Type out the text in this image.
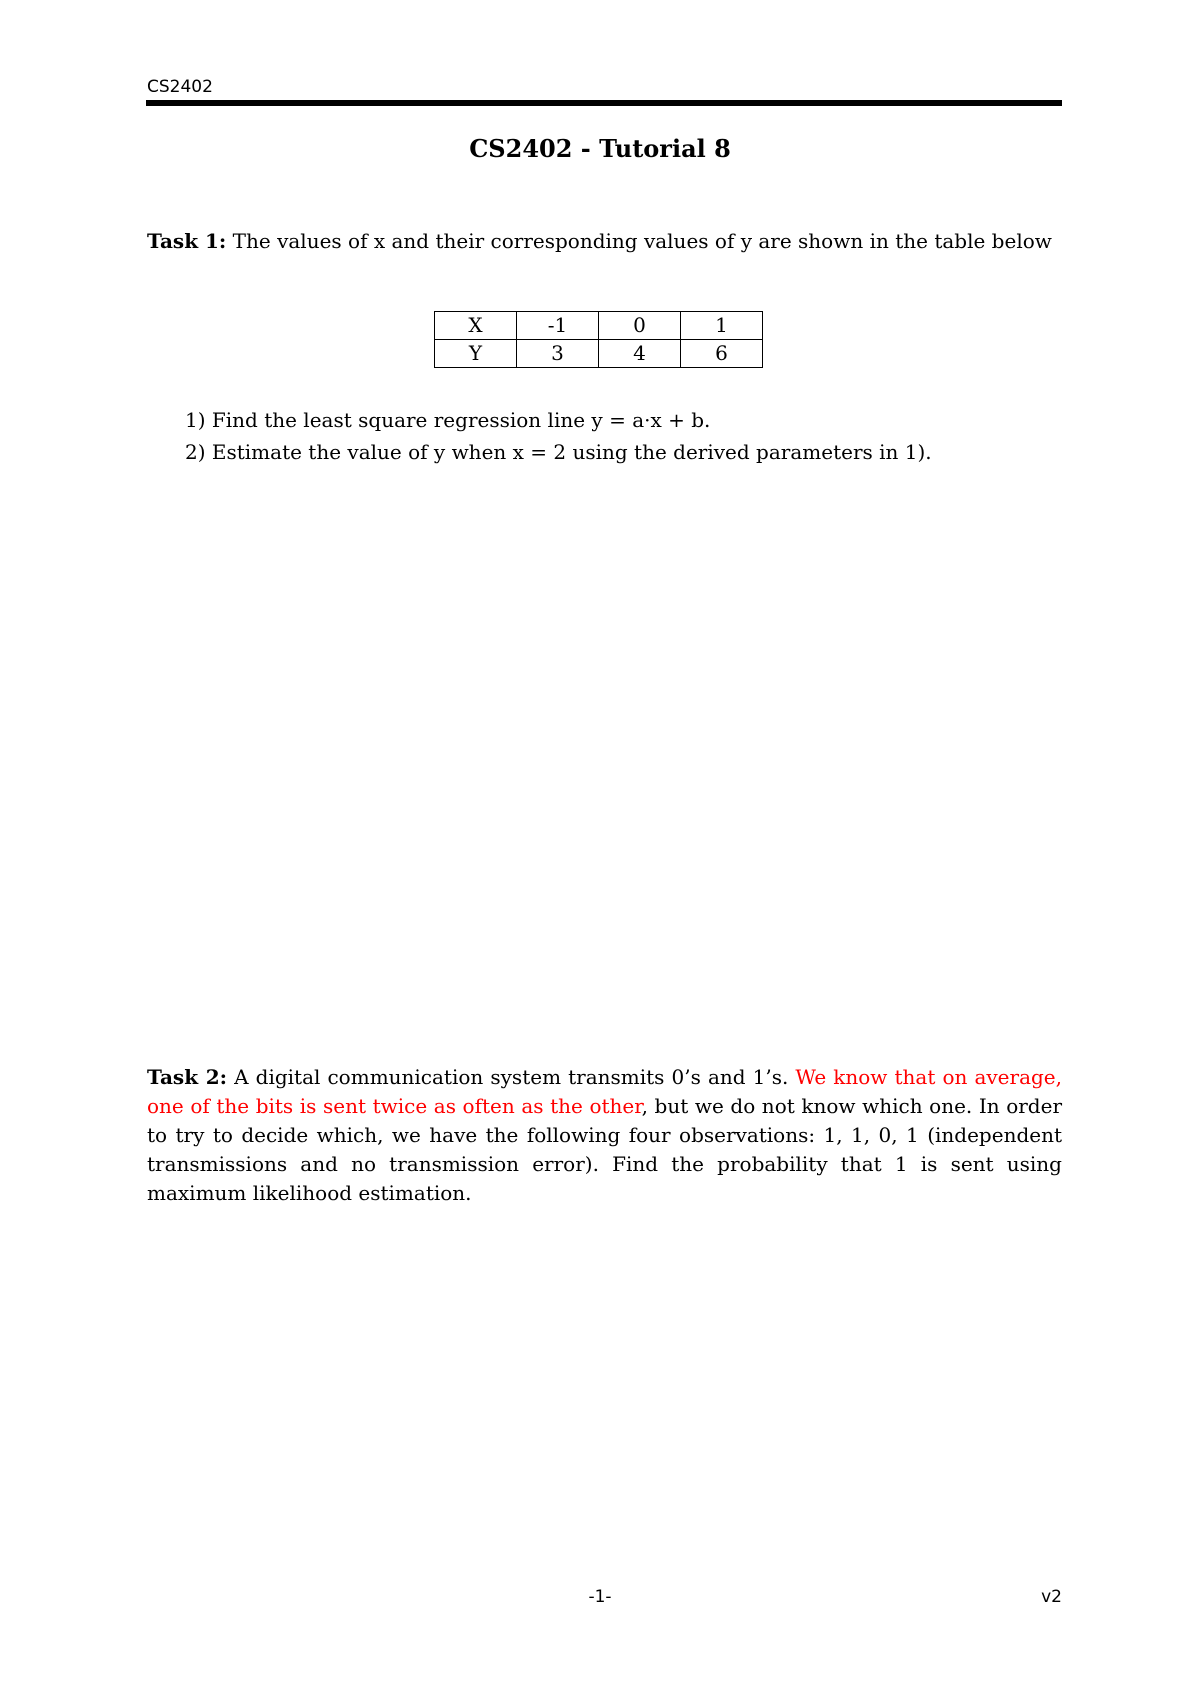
CS2402
CS2402 - Tutorial 8
Task 1: The values of x and their corresponding values of y are shown in the table below
X	-1	0	1
Y	3	4	6
1) Find the least square regression line y = a·x + b.
2) Estimate the value of y when x = 2 using the derived parameters in 1).
Task 2: A digital communication system transmits 0’s and 1’s. We know that on average, one of the bits is sent twice as often as the other, but we do not know which one. In order to try to decide which, we have the following four observations: 1, 1, 0, 1 (independent transmissions and no transmission error). Find the probability that 1 is sent using maximum likelihood estimation.
-1-	v2
